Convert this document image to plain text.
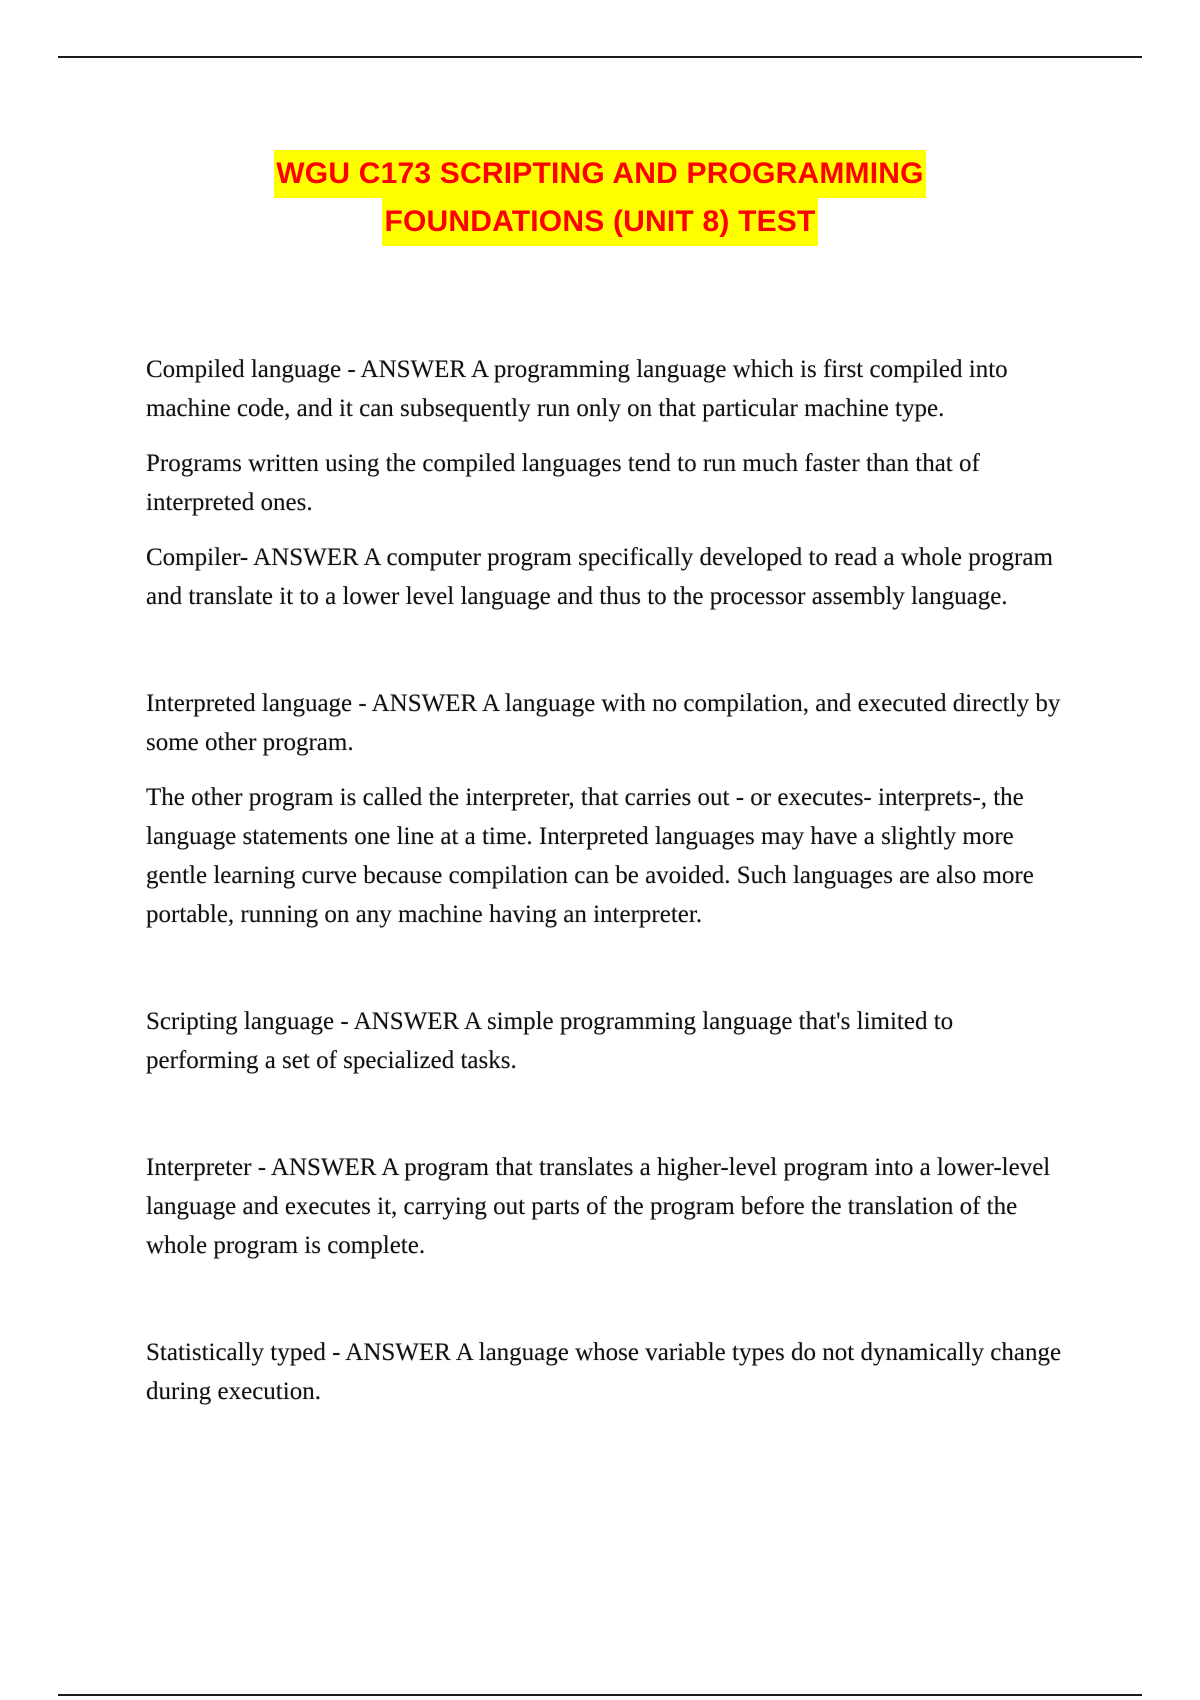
WGU C173 SCRIPTING AND PROGRAMMING
FOUNDATIONS (UNIT 8) TEST

Compiled language - ANSWER A programming language which is first compiled into machine code, and it can subsequently run only on that particular machine type.

Programs written using the compiled languages tend to run much faster than that of interpreted ones.

Compiler- ANSWER A computer program specifically developed to read a whole program and translate it to a lower level language and thus to the processor assembly language.

Interpreted language - ANSWER A language with no compilation, and executed directly by some other program.

The other program is called the interpreter, that carries out - or executes- interprets-, the language statements one line at a time. Interpreted languages may have a slightly more gentle learning curve because compilation can be avoided. Such languages are also more portable, running on any machine having an interpreter.

Scripting language - ANSWER A simple programming language that's limited to performing a set of specialized tasks.

Interpreter - ANSWER A program that translates a higher-level program into a lower-level language and executes it, carrying out parts of the program before the translation of the whole program is complete.

Statistically typed - ANSWER A language whose variable types do not dynamically change during execution.
